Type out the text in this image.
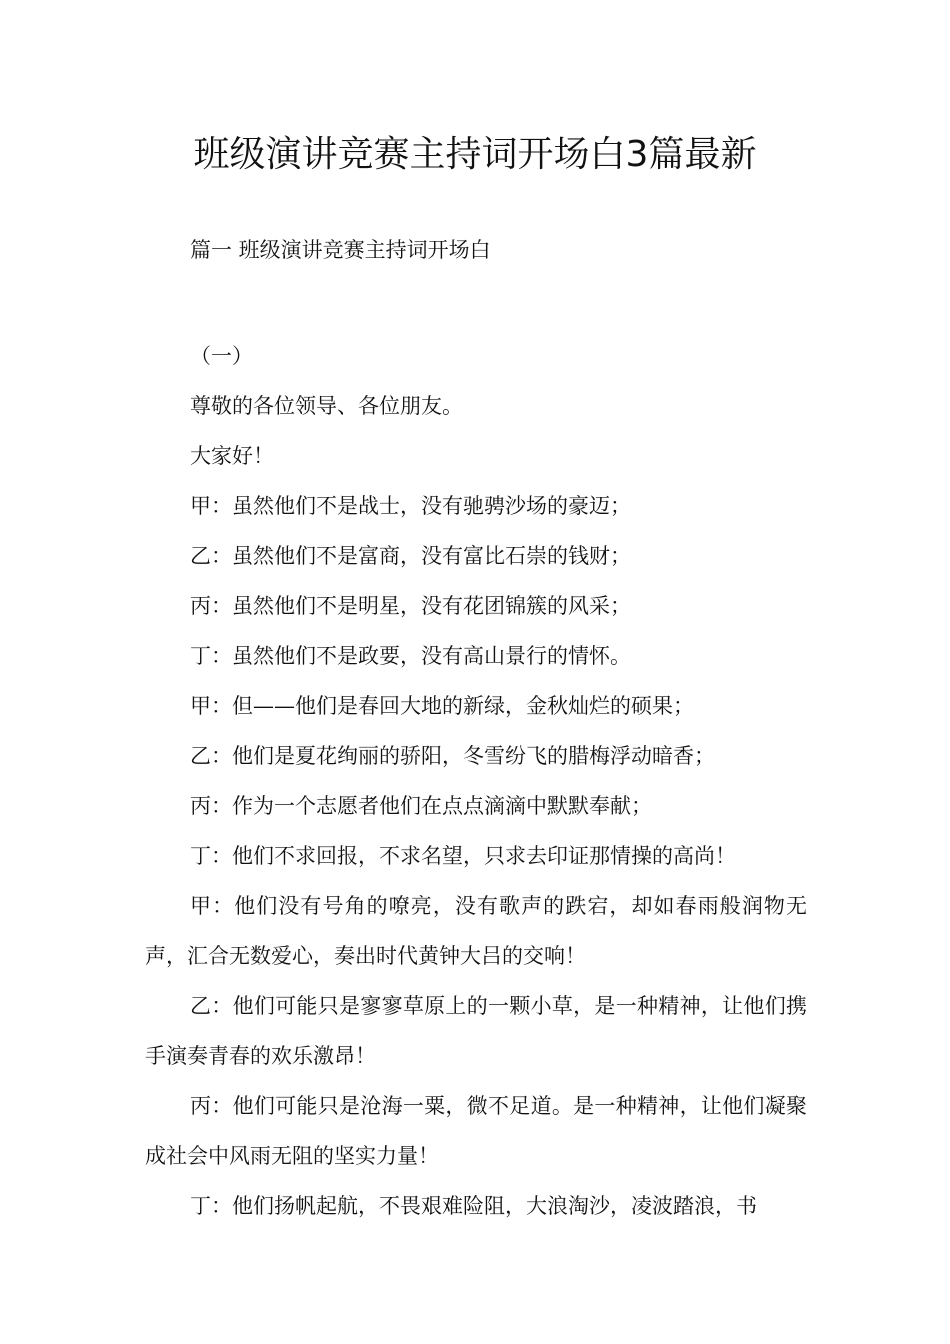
班级演讲竞赛主持词开场白3篇最新
篇一 班级演讲竞赛主持词开场白

（一）

尊敬的各位领导、各位朋友。

大家好！

甲：虽然他们不是战士，没有驰骋沙场的豪迈；

乙：虽然他们不是富商，没有富比石崇的钱财；

丙：虽然他们不是明星，没有花团锦簇的风采；

丁：虽然他们不是政要，没有高山景行的情怀。

甲：但——他们是春回大地的新绿，金秋灿烂的硕果；

乙：他们是夏花绚丽的骄阳，冬雪纷飞的腊梅浮动暗香；

丙：作为一个志愿者他们在点点滴滴中默默奉献；

丁：他们不求回报，不求名望，只求去印证那情操的高尚！

甲：他们没有号角的嘹亮，没有歌声的跌宕，却如春雨般润物无声，汇合无数爱心，奏出时代黄钟大吕的交响！

乙：他们可能只是寥寥草原上的一颗小草，是一种精神，让他们携手演奏青春的欢乐激昂！

丙：他们可能只是沧海一粟，微不足道。是一种精神，让他们凝聚成社会中风雨无阻的坚实力量！

丁：他们扬帆起航，不畏艰难险阻，大浪淘沙，凌波踏浪，书
